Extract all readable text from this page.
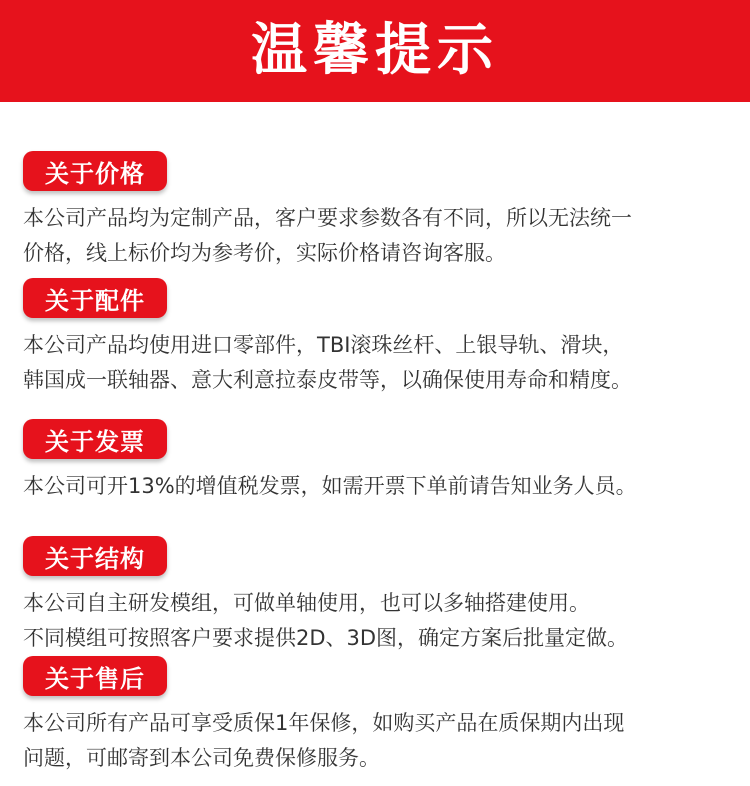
温馨提示
关于价格
本公司产品均为定制产品，客户要求参数各有不同，所以无法统一
价格，线上标价均为参考价，实际价格请咨询客服。
关于配件
本公司产品均使用进口零部件，TBI滚珠丝杆、上银导轨、滑块，
韩国成一联轴器、意大利意拉泰皮带等，以确保使用寿命和精度。
关于发票
本公司可开13%的增值税发票，如需开票下单前请告知业务人员。
关于结构
本公司自主研发模组，可做单轴使用，也可以多轴搭建使用。
不同模组可按照客户要求提供2D、3D图，确定方案后批量定做。
关于售后
本公司所有产品可享受质保1年保修，如购买产品在质保期内出现
问题，可邮寄到本公司免费保修服务。
